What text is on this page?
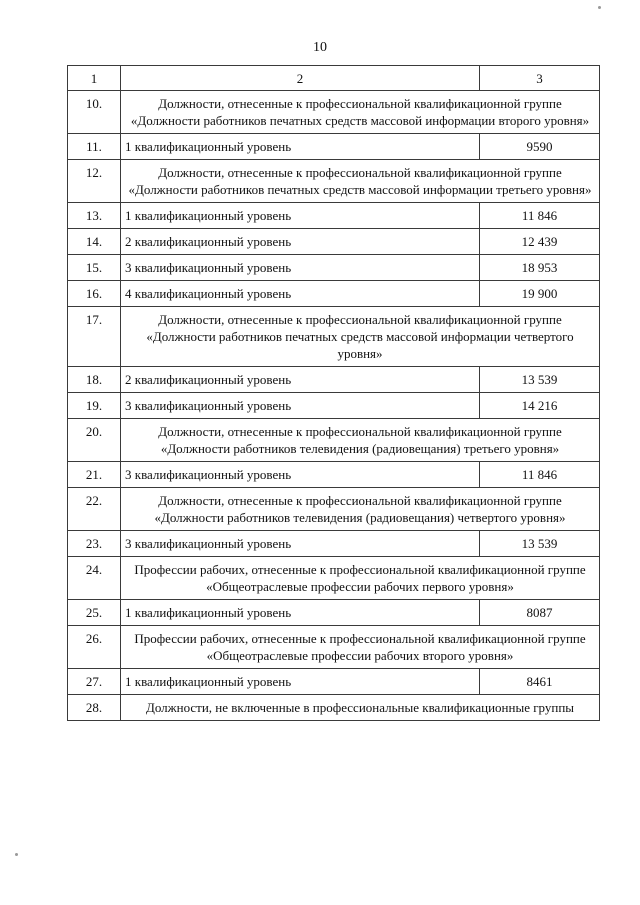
10
1	2	3
10.	Должности, отнесенные к профессиональной квалификационной группе «Должности работников печатных средств массовой информации второго уровня»	
11.	1 квалификационный уровень	9590
12.	Должности, отнесенные к профессиональной квалификационной группе «Должности работников печатных средств массовой информации третьего уровня»	
13.	1 квалификационный уровень	11 846
14.	2 квалификационный уровень	12 439
15.	3 квалификационный уровень	18 953
16.	4 квалификационный уровень	19 900
17.	Должности, отнесенные к профессиональной квалификационной группе «Должности работников печатных средств массовой информации четвертого уровня»	
18.	2 квалификационный уровень	13 539
19.	3 квалификационный уровень	14 216
20.	Должности, отнесенные к профессиональной квалификационной группе «Должности работников телевидения (радиовещания) третьего уровня»	
21.	3 квалификационный уровень	11 846
22.	Должности, отнесенные к профессиональной квалификационной группе «Должности работников телевидения (радиовещания) четвертого уровня»	
23.	3 квалификационный уровень	13 539
24.	Профессии рабочих, отнесенные к профессиональной квалификационной группе «Общеотраслевые профессии рабочих первого уровня»	
25.	1 квалификационный уровень	8087
26.	Профессии рабочих, отнесенные к профессиональной квалификационной группе «Общеотраслевые профессии рабочих второго уровня»	
27.	1 квалификационный уровень	8461
28.	Должности, не включенные в профессиональные квалификационные группы	
